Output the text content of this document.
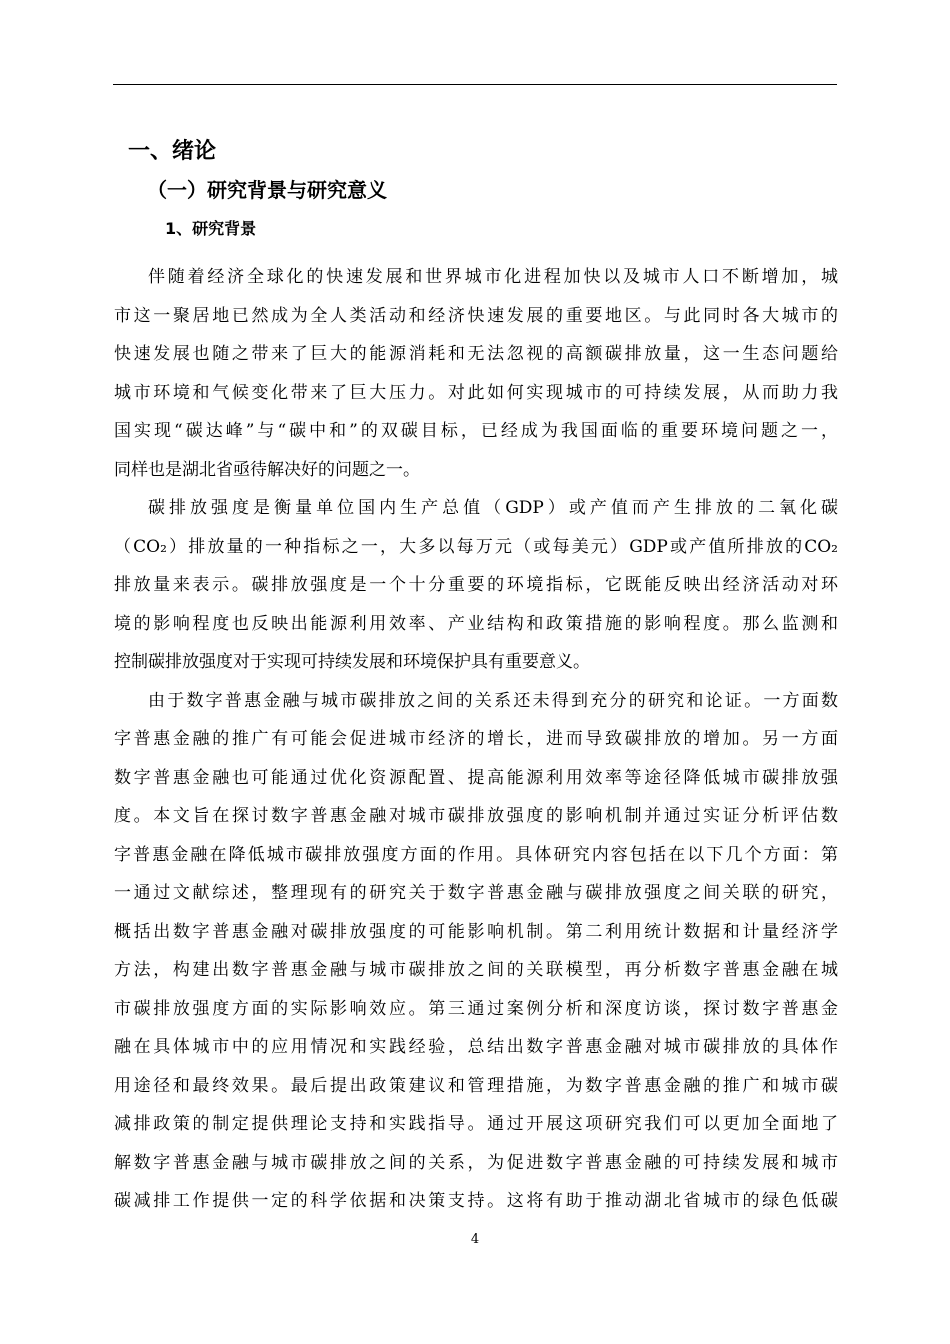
一、绪论
（一）研究背景与研究意义
1、研究背景
伴随着经济全球化的快速发展和世界城市化进程加快以及城市人口不断增加，城
市这一聚居地已然成为全人类活动和经济快速发展的重要地区。与此同时各大城市的
快速发展也随之带来了巨大的能源消耗和无法忽视的高额碳排放量，这一生态问题给
城市环境和气候变化带来了巨大压力。对此如何实现城市的可持续发展，从而助力我
国实现“碳达峰”与“碳中和”的双碳目标，已经成为我国面临的重要环境问题之一，
同样也是湖北省亟待解决好的问题之一。
碳排放强度是衡量单位国内生产总值（GDP）或产值而产生排放的二氧化碳
（CO₂）排放量的一种指标之一，大多以每万元（或每美元）GDP或产值所排放的CO₂
排放量来表示。碳排放强度是一个十分重要的环境指标，它既能反映出经济活动对环
境的影响程度也反映出能源利用效率、产业结构和政策措施的影响程度。那么监测和
控制碳排放强度对于实现可持续发展和环境保护具有重要意义。
由于数字普惠金融与城市碳排放之间的关系还未得到充分的研究和论证。一方面数
字普惠金融的推广有可能会促进城市经济的增长，进而导致碳排放的增加。另一方面
数字普惠金融也可能通过优化资源配置、提高能源利用效率等途径降低城市碳排放强
度。本文旨在探讨数字普惠金融对城市碳排放强度的影响机制并通过实证分析评估数
字普惠金融在降低城市碳排放强度方面的作用。具体研究内容包括在以下几个方面：第
一通过文献综述，整理现有的研究关于数字普惠金融与碳排放强度之间关联的研究，
概括出数字普惠金融对碳排放强度的可能影响机制。第二利用统计数据和计量经济学
方法，构建出数字普惠金融与城市碳排放之间的关联模型，再分析数字普惠金融在城
市碳排放强度方面的实际影响效应。第三通过案例分析和深度访谈，探讨数字普惠金
融在具体城市中的应用情况和实践经验，总结出数字普惠金融对城市碳排放的具体作
用途径和最终效果。最后提出政策建议和管理措施，为数字普惠金融的推广和城市碳
减排政策的制定提供理论支持和实践指导。通过开展这项研究我们可以更加全面地了
解数字普惠金融与城市碳排放之间的关系，为促进数字普惠金融的可持续发展和城市
碳减排工作提供一定的科学依据和决策支持。这将有助于推动湖北省城市的绿色低碳
4
